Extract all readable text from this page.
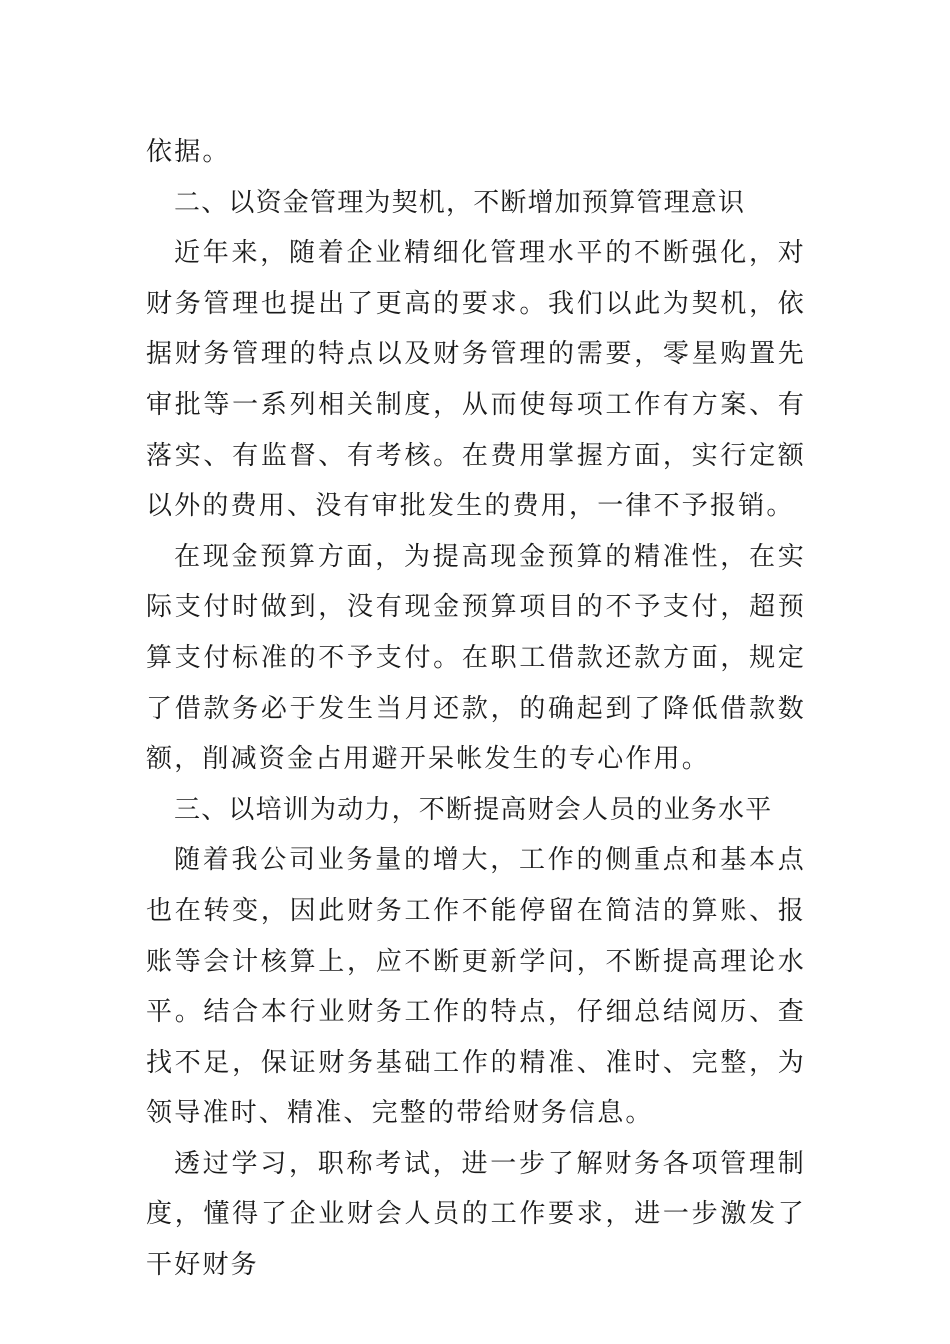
依据。

二、以资金管理为契机，不断增加预算管理意识

近年来，随着企业精细化管理水平的不断强化，对财务管理也提出了更高的要求。我们以此为契机，依据财务管理的特点以及财务管理的需要，零星购置先审批等一系列相关制度，从而使每项工作有方案、有落实、有监督、有考核。在费用掌握方面，实行定额以外的费用、没有审批发生的费用，一律不予报销。

在现金预算方面，为提高现金预算的精准性，在实际支付时做到，没有现金预算项目的不予支付，超预算支付标准的不予支付。在职工借款还款方面，规定了借款务必于发生当月还款，的确起到了降低借款数额，削减资金占用避开呆帐发生的专心作用。

三、以培训为动力，不断提高财会人员的业务水平

随着我公司业务量的增大，工作的侧重点和基本点也在转变，因此财务工作不能停留在简洁的算账、报账等会计核算上，应不断更新学问，不断提高理论水平。结合本行业财务工作的特点，仔细总结阅历、查找不足，保证财务基础工作的精准、准时、完整，为领导准时、精准、完整的带给财务信息。

透过学习，职称考试，进一步了解财务各项管理制度，懂得了企业财会人员的工作要求，进一步激发了干好财务
